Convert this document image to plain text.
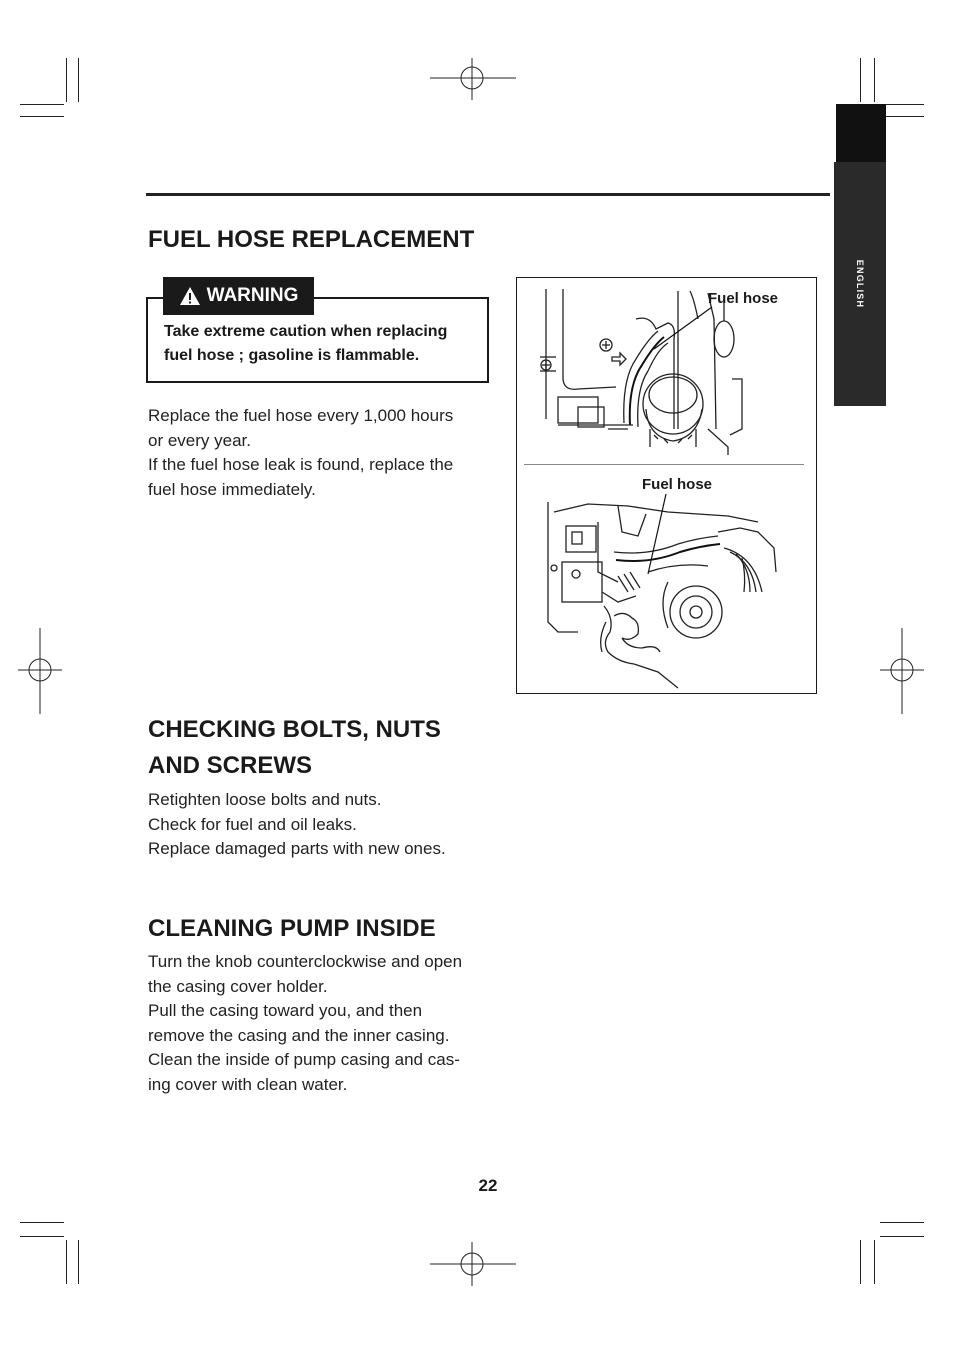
ENGLISH
FUEL HOSE REPLACEMENT
WARNING

Take extreme caution when replacing

fuel hose ; gasoline is flammable.

Replace the fuel hose every 1,000 hours

or every year.

If the fuel hose leak is found, replace the

fuel hose immediately.

Fuel hose
Fuel hose
CHECKING BOLTS, NUTS
AND SCREWS

Retighten loose bolts and nuts.

Check for fuel and oil leaks.

Replace damaged parts with new ones.

CLEANING PUMP INSIDE

Turn the knob counterclockwise and open

the casing cover holder.

Pull the casing toward you, and then

remove the casing and the inner casing.

Clean the inside of pump casing and cas-

ing cover with clean water.

22
